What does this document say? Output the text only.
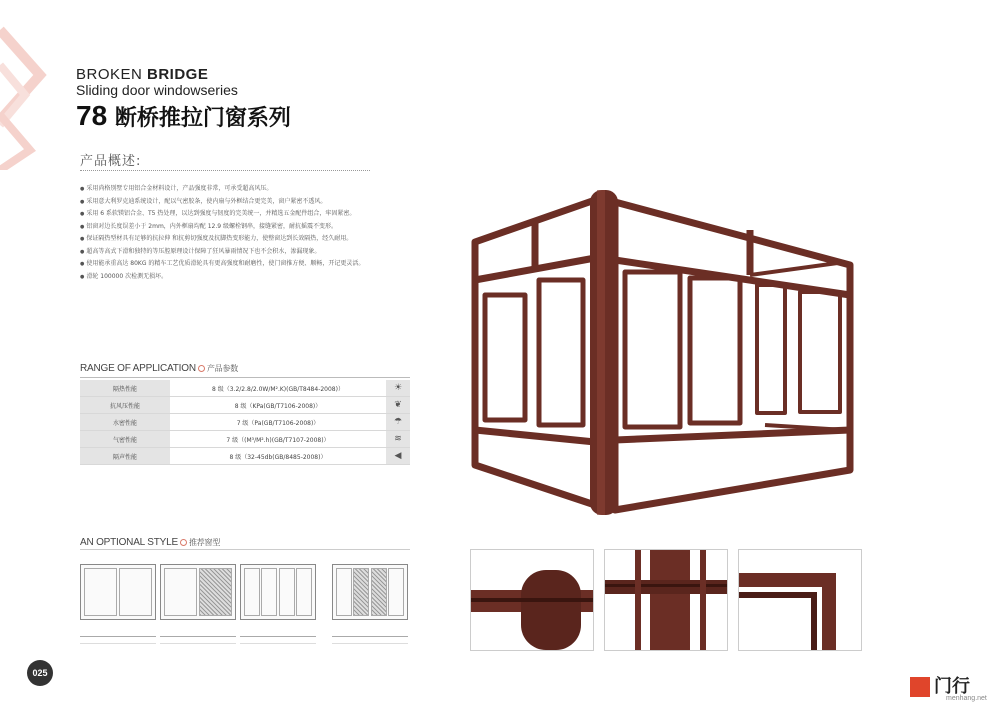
BROKEN BRIDGE
Sliding door windowseries
78 断桥推拉门窗系列
产品概述:
● 采用尚格别墅专用铝合金材料设计，产品强度非常，可承受超高风压。
● 采用意大利罗克迪系统设计，配以气密胶条，使内扇与外框结合更完美，窗户紧密不透风。
● 采用 6 系软镁铝合金、T5 热处理，以达到强度与韧度的完美统一，并精选五金配件组合，牢固紧密。
● 铝窗对边长度误差小于 2mm，内外框扇均配 12.9 级螺栓钢串，接缝紧密，耐抗摇震不变形。
● 保证隔热型材具有足够的抗拉伸 和抗剪切强度及抗脚热变形能力，使整窗达到长效隔热，经久耐用。
● 超高等高式下滑和独特的等压腔原理设计保障了狂风暴雨情况下也不会积水，渗漏现象。
● 使用能承重高达 80KG 的精车工艺优质滑轮具有更高强度和耐磨性，使门窗推方便、顺畅，开记更灵活。
● 滑轮 100000 次检测无损坏。
RANGE OF APPLICATION 产品参数
隔热性能	8 级（3.2/2.8/2.0W/M².K)(GB/T8484-2008)）	☀
抗风压性能	8 级（KPa(GB/T7106-2008)）	❦
水密性能	7 级（Pa(GB/T7106-2008)）	☂
气密性能	7 级（(M³/M².h)(GB/T7107-2008)）	≋
隔声性能	8 级（32-45db(GB/8485-2008)）	◀
AN OPTIONAL STYLE 推荐窗型
025
门行
menhang.net
